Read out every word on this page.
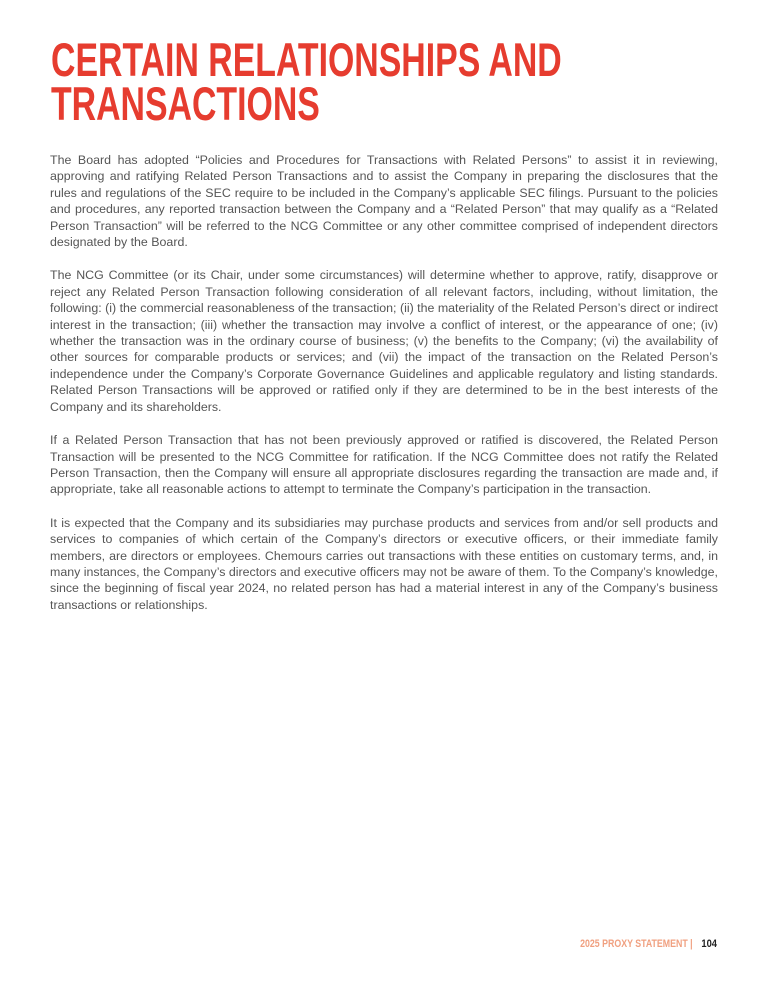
CERTAIN RELATIONSHIPS AND
TRANSACTIONS

The Board has adopted “Policies and Procedures for Transactions with Related Persons” to assist it in reviewing, approving and ratifying Related Person Transactions and to assist the Company in preparing the disclosures that the rules and regulations of the SEC require to be included in the Company’s applicable SEC filings. Pursuant to the policies and procedures, any reported transaction between the Company and a “Related Person” that may qualify as a “Related Person Transaction” will be referred to the NCG Committee or any other committee comprised of independent directors designated by the Board.

The NCG Committee (or its Chair, under some circumstances) will determine whether to approve, ratify, disapprove or reject any Related Person Transaction following consideration of all relevant factors, including, without limitation, the following: (i) the commercial reasonableness of the transaction; (ii) the materiality of the Related Person’s direct or indirect interest in the transaction; (iii) whether the transaction may involve a conflict of interest, or the appearance of one; (iv) whether the transaction was in the ordinary course of business; (v) the benefits to the Company; (vi) the availability of other sources for comparable products or services; and (vii) the impact of the transaction on the Related Person’s independence under the Company’s Corporate Governance Guidelines and applicable regulatory and listing standards. Related Person Transactions will be approved or ratified only if they are determined to be in the best interests of the Company and its shareholders.

If a Related Person Transaction that has not been previously approved or ratified is discovered, the Related Person Transaction will be presented to the NCG Committee for ratification. If the NCG Committee does not ratify the Related Person Transaction, then the Company will ensure all appropriate disclosures regarding the transaction are made and, if appropriate, take all reasonable actions to attempt to terminate the Company’s participation in the transaction.

It is expected that the Company and its subsidiaries may purchase products and services from and/or sell products and services to companies of which certain of the Company’s directors or executive officers, or their immediate family members, are directors or employees. Chemours carries out transactions with these entities on customary terms, and, in many instances, the Company’s directors and executive officers may not be aware of them. To the Company’s knowledge, since the beginning of fiscal year 2024, no related person has had a material interest in any of the Company’s business transactions or relationships.

2025 PROXY STATEMENT | 104
